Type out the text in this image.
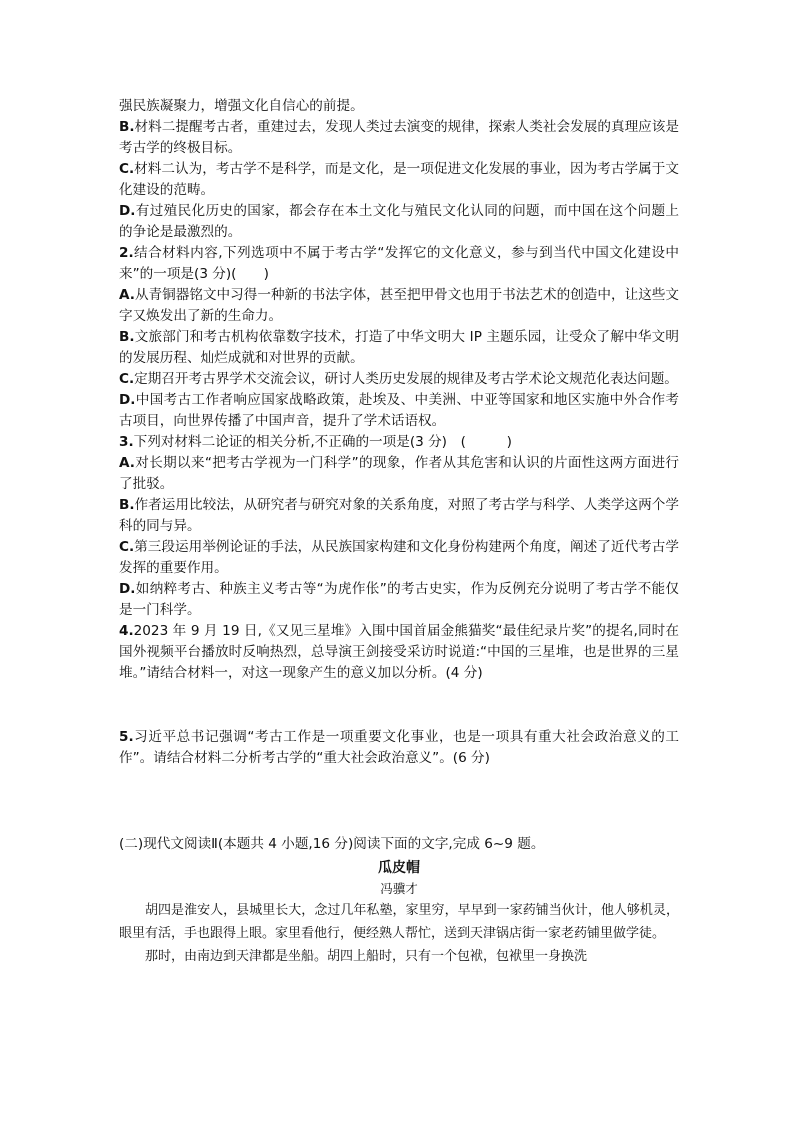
强民族凝聚力，增强文化自信心的前提。

B.材料二提醒考古者，重建过去，发现人类过去演变的规律，探索人类社会发展的真理应该是考古学的终极目标。

C.材料二认为，考古学不是科学，而是文化，是一项促进文化发展的事业，因为考古学属于文化建设的范畴。

D.有过殖民化历史的国家，都会存在本土文化与殖民文化认同的问题，而中国在这个问题上的争论是最激烈的。

2.结合材料内容,下列选项中不属于考古学“发挥它的文化意义，参与到当代中国文化建设中来”的一项是(3 分)(　　)

A.从青铜器铭文中习得一种新的书法字体，甚至把甲骨文也用于书法艺术的创造中，让这些文字又焕发出了新的生命力。

B.文旅部门和考古机构依靠数字技术，打造了中华文明大 IP 主题乐园，让受众了解中华文明的发展历程、灿烂成就和对世界的贡献。

C.定期召开考古界学术交流会议，研讨人类历史发展的规律及考古学术论文规范化表达问题。

D.中国考古工作者响应国家战略政策，赴埃及、中美洲、中亚等国家和地区实施中外合作考古项目，向世界传播了中国声音，提升了学术话语权。

3.下列对材料二论证的相关分析,不正确的一项是(3 分)　(　　　)

A.对长期以来“把考古学视为一门科学”的现象，作者从其危害和认识的片面性这两方面进行了批驳。

B.作者运用比较法，从研究者与研究对象的关系角度，对照了考古学与科学、人类学这两个学科的同与异。

C.第三段运用举例论证的手法，从民族国家构建和文化身份构建两个角度，阐述了近代考古学发挥的重要作用。

D.如纳粹考古、种族主义考古等“为虎作伥”的考古史实，作为反例充分说明了考古学不能仅是一门科学。

4.2023 年 9 月 19 日,《又见三星堆》入围中国首届金熊猫奖“最佳纪录片奖”的提名,同时在国外视频平台播放时反响热烈，总导演王剑接受采访时说道:“中国的三星堆，也是世界的三星堆。”请结合材料一，对这一现象产生的意义加以分析。(4 分)

5.习近平总书记强调“考古工作是一项重要文化事业，也是一项具有重大社会政治意义的工作”。请结合材料二分析考古学的“重大社会政治意义”。(6 分)

(二)现代文阅读Ⅱ(本题共 4 小题,16 分)阅读下面的文字,完成 6~9 题。

瓜皮帽

冯骥才

胡四是淮安人，县城里长大，念过几年私塾，家里穷，早早到一家药铺当伙计，他人够机灵，眼里有活，手也跟得上眼。家里看他行，便经熟人帮忙，送到天津锅店街一家老药铺里做学徒。

那时，由南边到天津都是坐船。胡四上船时，只有一个包袱，包袱里一身换洗
